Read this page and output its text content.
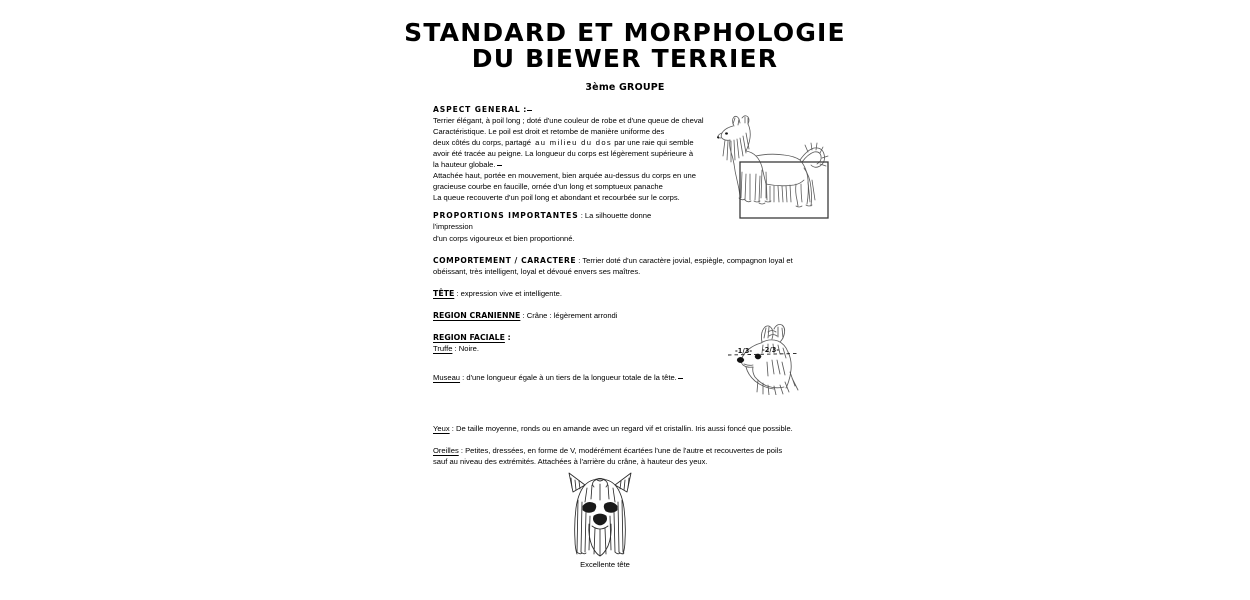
STANDARD ET MORPHOLOGIE
DU BIEWER TERRIER
3ème GROUPE
ASPECT GENERAL :
Terrier élégant, à poil long ; doté d'une couleur de robe et d'une queue de cheval
Caractéristique. Le poil est droit et retombe de manière uniforme des
deux côtés du corps, partagé au milieu du dos par une raie qui semble
avoir été tracée au peigne. La longueur du corps est légèrement supérieure à
la hauteur globale.
Attachée haut, portée en mouvement, bien arquée au-dessus du corps en une
gracieuse courbe en faucille, ornée d'un long et somptueux panache
La queue recouverte d'un poil long et abondant et recourbée sur le corps.
PROPORTIONS IMPORTANTES : La silhouette donne l'impression
d'un corps vigoureux et bien proportionné.
COMPORTEMENT / CARACTERE : Terrier doté d'un caractère jovial, espiègle, compagnon loyal et
obéissant, très intelligent, loyal et dévoué envers ses maîtres.
TÊTE : expression vive et intelligente.
REGION CRANIENNE : Crâne : légèrement arrondi
REGION FACIALE :
Truffe : Noire.
Museau : d'une longueur égale à un tiers de la longueur totale de la tête.
Yeux : De taille moyenne, ronds ou en amande avec un regard vif et cristallin. Iris aussi foncé que possible.
Oreilles : Petites, dressées, en forme de V, modérément écartées l'une de l'autre et recouvertes de poils
sauf au niveau des extrémités. Attachées à l'arrière du crâne, à hauteur des yeux.
-1/3- -2/3-
Excellente tête
